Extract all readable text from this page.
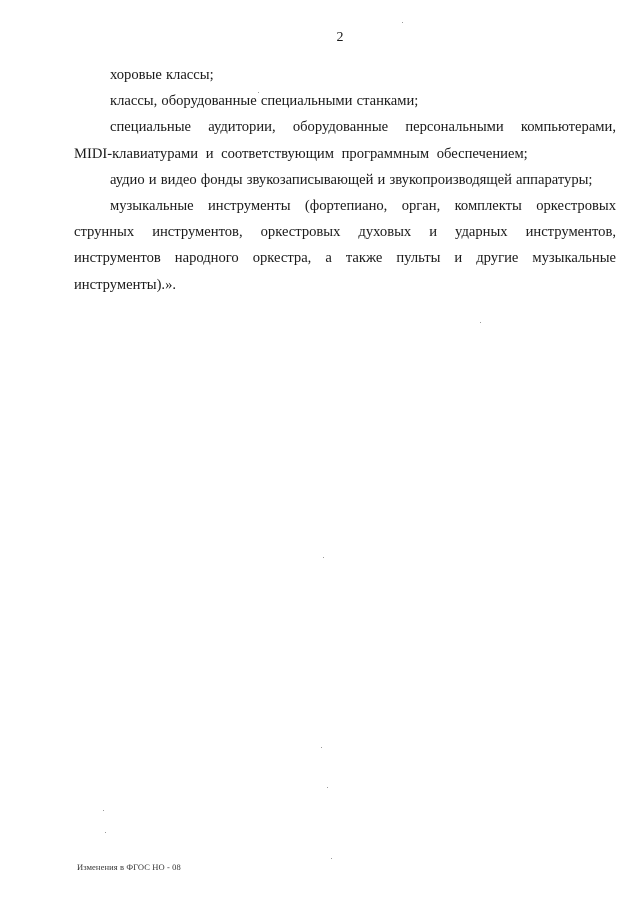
2

хоровые классы;

классы, оборудованные специальными станками;

специальные аудитории, оборудованные персональными компьютерами, MIDI-клавиатурами и соответствующим программным обеспечением;

аудио и видео фонды звукозаписывающей и звукопроизводящей аппаратуры;

музыкальные инструменты (фортепиано, орган, комплекты оркестровых струнных инструментов, оркестровых духовых и ударных инструментов, инструментов народного оркестра, а также пульты и другие музыкальные инструменты).».

Изменения в ФГОС НО - 08
